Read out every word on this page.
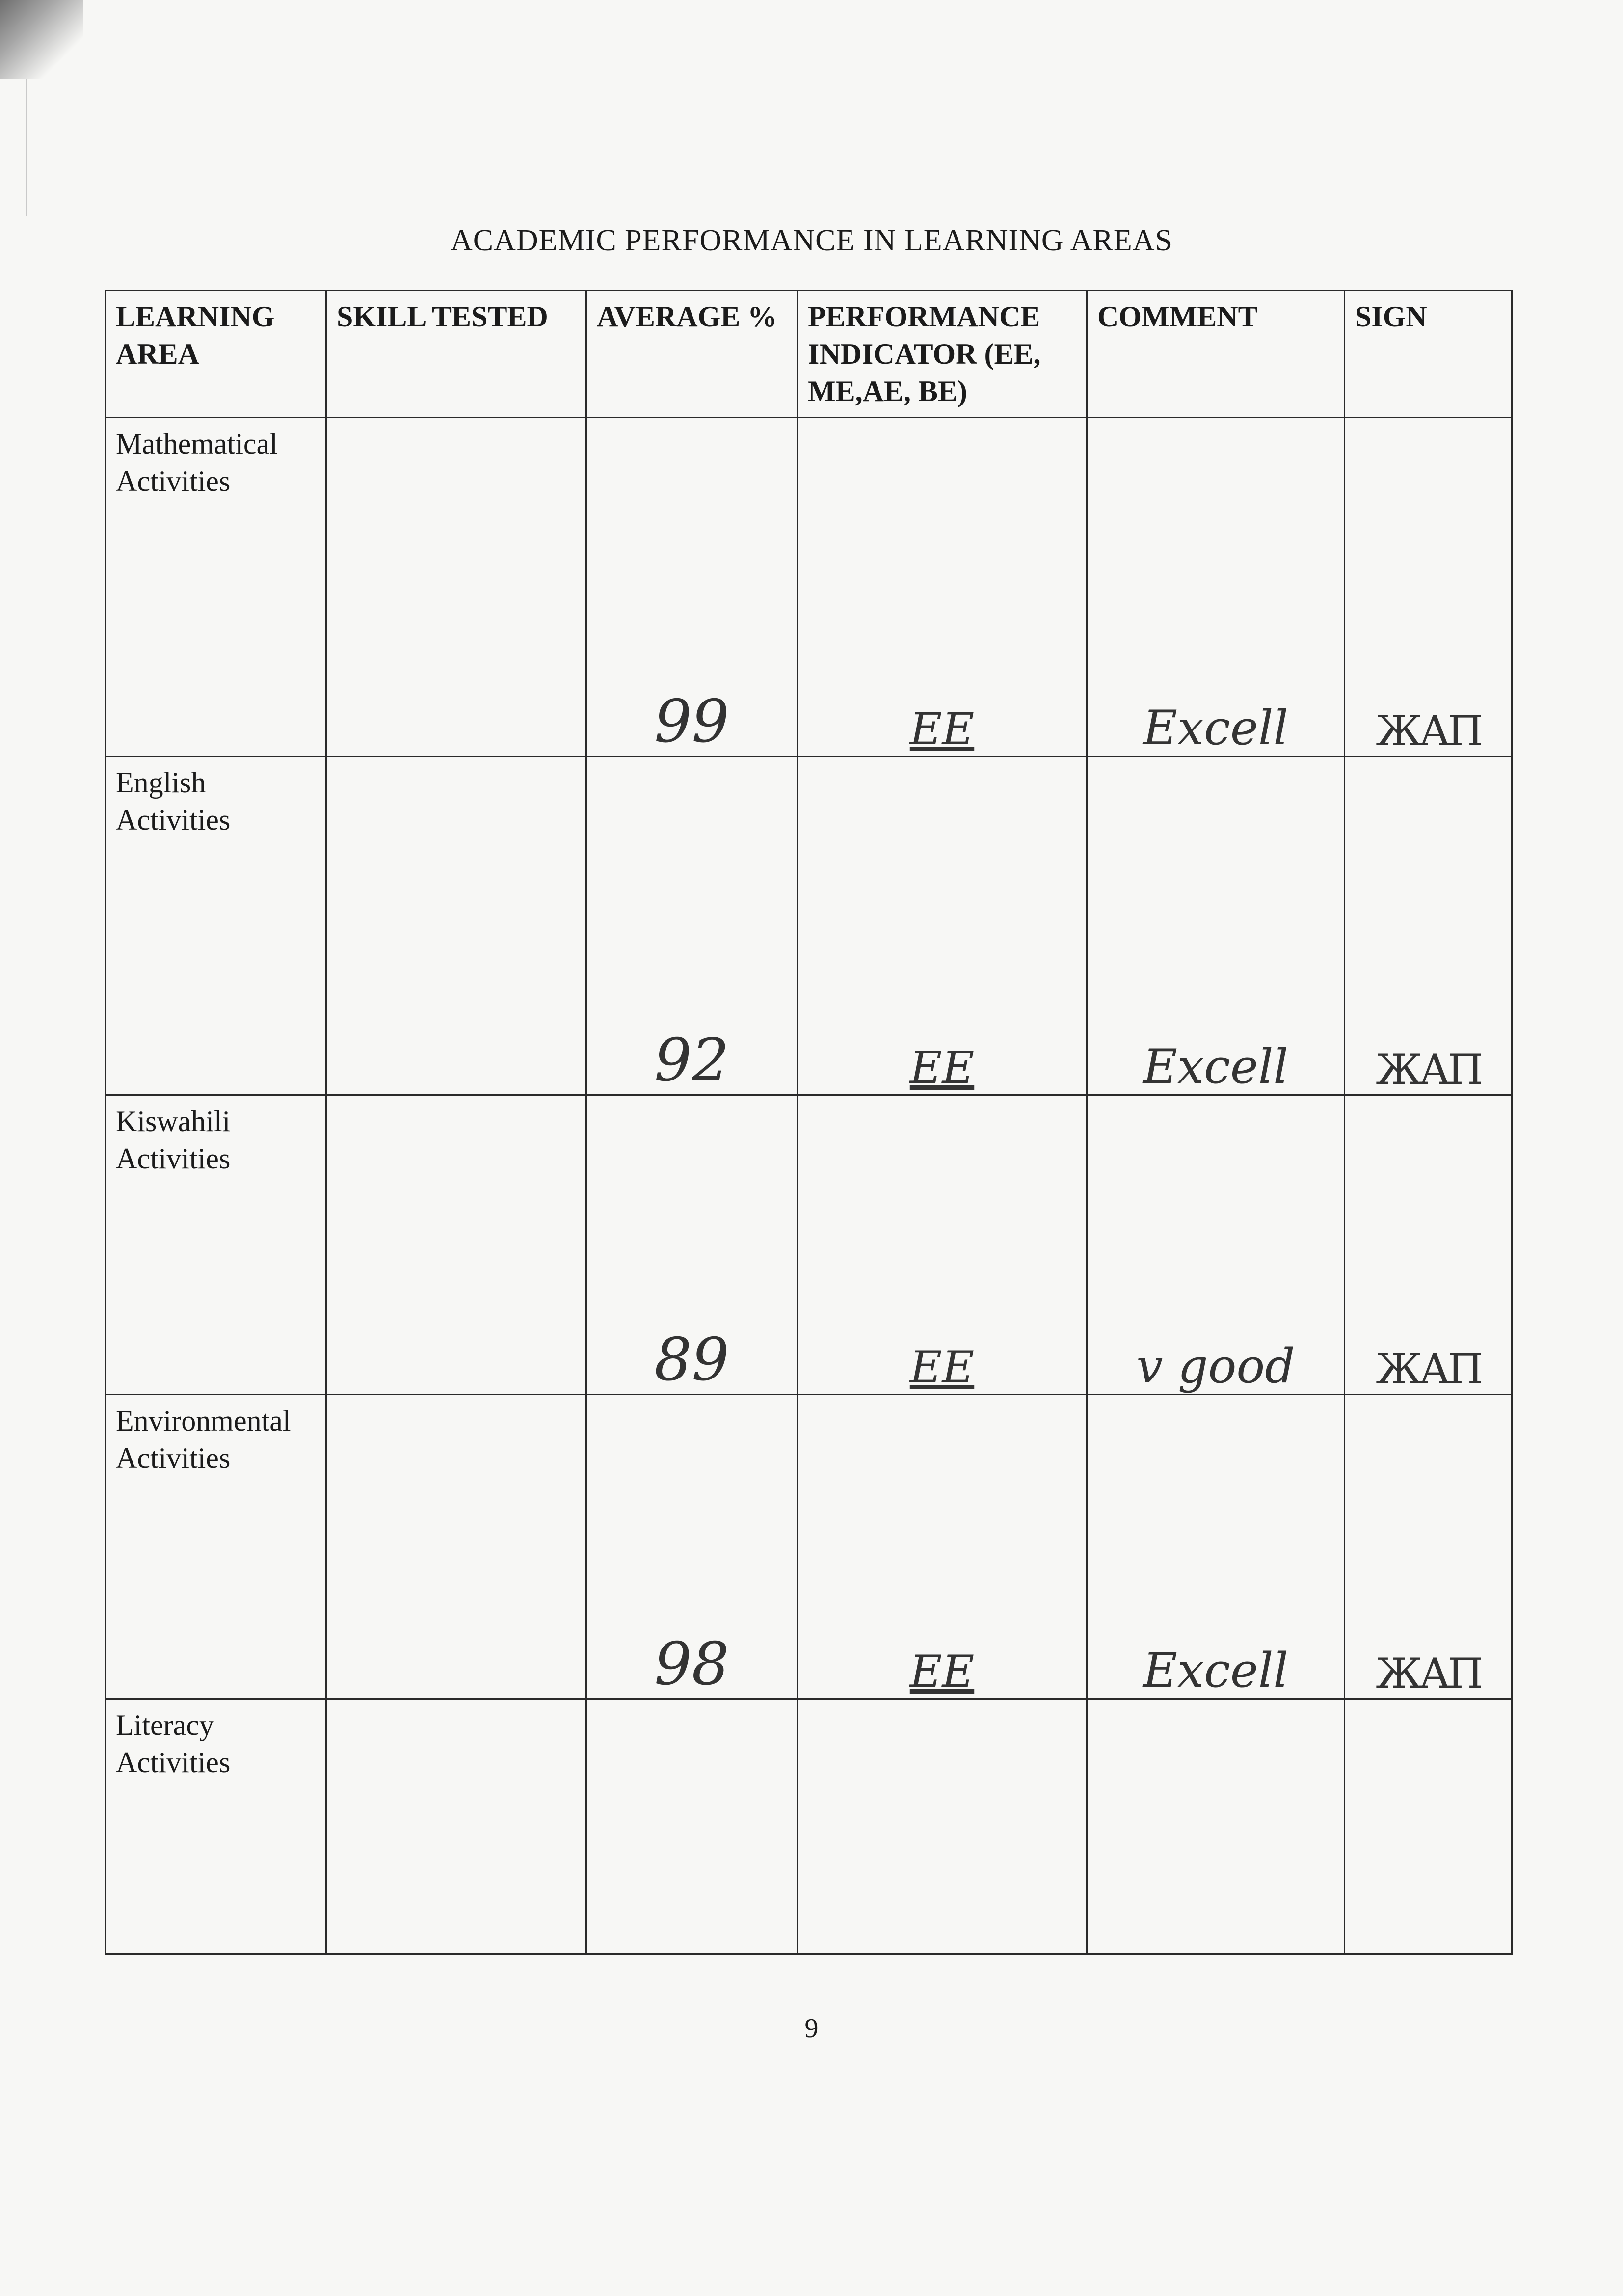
ACADEMIC PERFORMANCE IN LEARNING AREAS
LEARNING AREA	SKILL TESTED	AVERAGE %	PERFORMANCE INDICATOR (EE, ME,AE, BE)	COMMENT	SIGN

Mathematical Activities		99	EE	Excell	ЖАП

English Activities		92	EE	Excell	ЖАП

Kiswahili Activities		89	EE	v good	ЖАП

Environmental Activities		98	EE	Excell	ЖАП

Literacy Activities					

9
